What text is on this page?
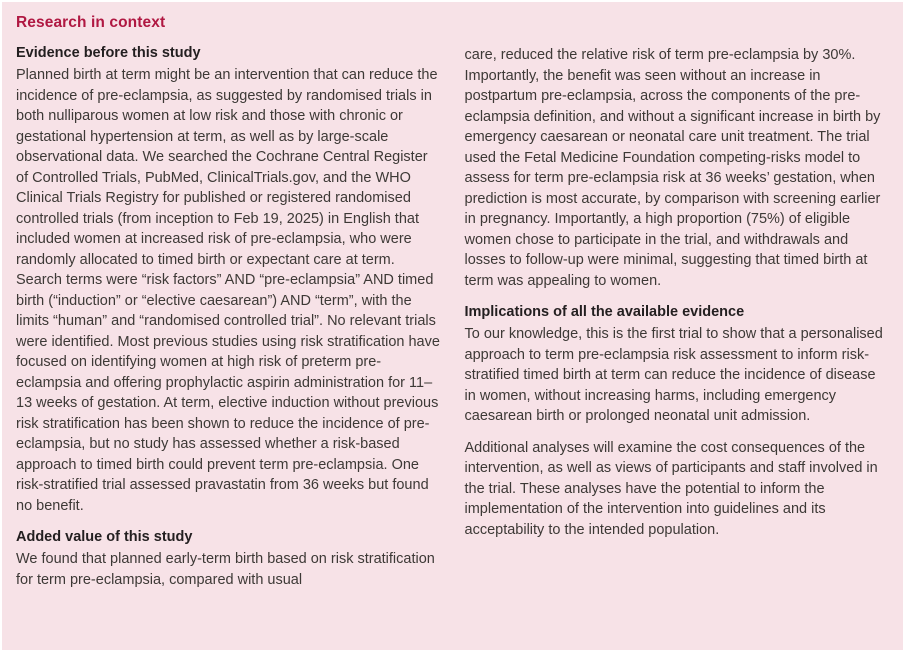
Research in context
Evidence before this study

Planned birth at term might be an intervention that can reduce the incidence of pre-eclampsia, as suggested by randomised trials in both nulliparous women at low risk and those with chronic or gestational hypertension at term, as well as by large-scale observational data. We searched the Cochrane Central Register of Controlled Trials, PubMed, ClinicalTrials.gov, and the WHO Clinical Trials Registry for published or registered randomised controlled trials (from inception to Feb 19, 2025) in English that included women at increased risk of pre-eclampsia, who were randomly allocated to timed birth or expectant care at term. Search terms were “risk factors” AND “pre-eclampsia” AND timed birth (“induction” or “elective caesarean”) AND “term”, with the limits “human” and “randomised controlled trial”. No relevant trials were identified. Most previous studies using risk stratification have focused on identifying women at high risk of preterm pre-eclampsia and offering prophylactic aspirin administration for 11–13 weeks of gestation. At term, elective induction without previous risk stratification has been shown to reduce the incidence of pre-eclampsia, but no study has assessed whether a risk-based approach to timed birth could prevent term pre-eclampsia. One risk-stratified trial assessed pravastatin from 36 weeks but found no benefit.

Added value of this study

We found that planned early-term birth based on risk stratification for term pre-eclampsia, compared with usual

care, reduced the relative risk of term pre-eclampsia by 30%. Importantly, the benefit was seen without an increase in postpartum pre-eclampsia, across the components of the pre-eclampsia definition, and without a significant increase in birth by emergency caesarean or neonatal care unit treatment. The trial used the Fetal Medicine Foundation competing-risks model to assess for term pre-eclampsia risk at 36 weeks’ gestation, when prediction is most accurate, by comparison with screening earlier in pregnancy. Importantly, a high proportion (75%) of eligible women chose to participate in the trial, and withdrawals and losses to follow-up were minimal, suggesting that timed birth at term was appealing to women.

Implications of all the available evidence

To our knowledge, this is the first trial to show that a personalised approach to term pre-eclampsia risk assessment to inform risk-stratified timed birth at term can reduce the incidence of disease in women, without increasing harms, including emergency caesarean birth or prolonged neonatal unit admission.

Additional analyses will examine the cost consequences of the intervention, as well as views of participants and staff involved in the trial. These analyses have the potential to inform the implementation of the intervention into guidelines and its acceptability to the intended population.
